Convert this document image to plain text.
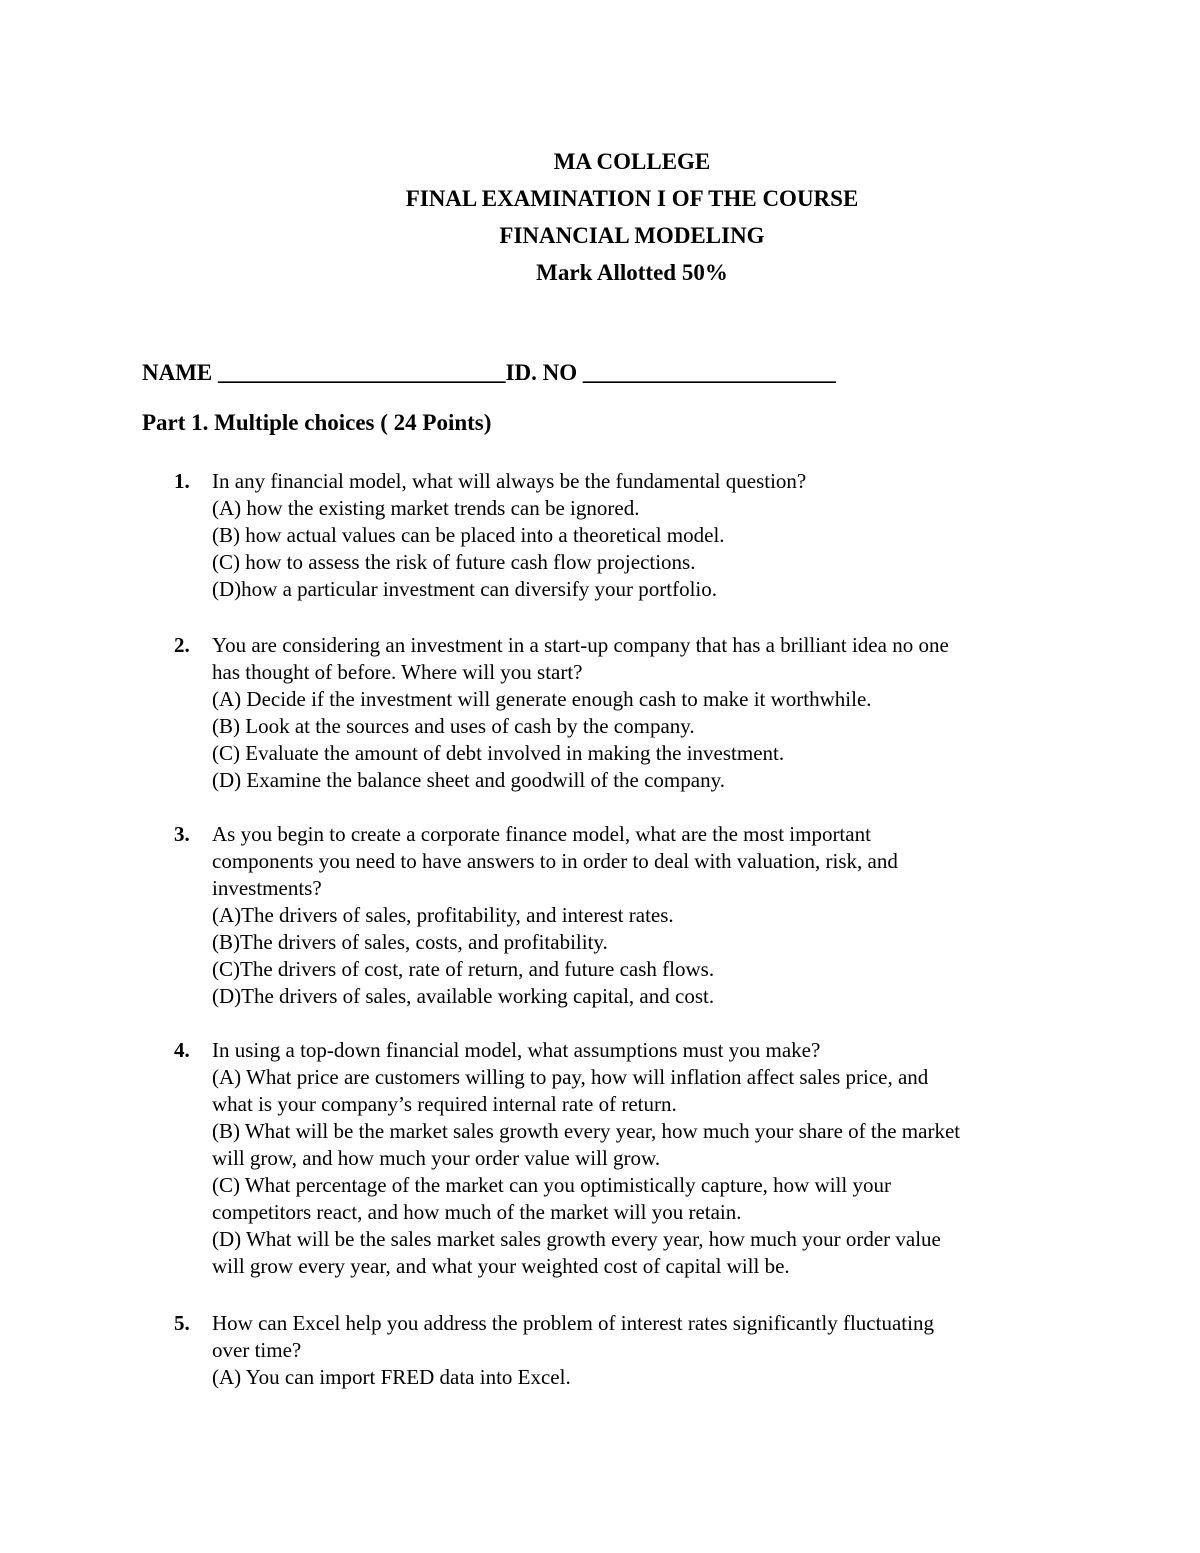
MA COLLEGE
FINAL EXAMINATION I OF THE COURSE
FINANCIAL MODELING
Mark Allotted 50%
NAME _________________________ID. NO ______________________
Part 1. Multiple choices ( 24 Points)
1. In any financial model, what will always be the fundamental question?
(A) how the existing market trends can be ignored.
(B) how actual values can be placed into a theoretical model.
(C) how to assess the risk of future cash flow projections.
(D)how a particular investment can diversify your portfolio.
2. You are considering an investment in a start-up company that has a brilliant idea no one
has thought of before. Where will you start?
(A) Decide if the investment will generate enough cash to make it worthwhile.
(B) Look at the sources and uses of cash by the company.
(C) Evaluate the amount of debt involved in making the investment.
(D) Examine the balance sheet and goodwill of the company.
3. As you begin to create a corporate finance model, what are the most important
components you need to have answers to in order to deal with valuation, risk, and
investments?
(A)The drivers of sales, profitability, and interest rates.
(B)The drivers of sales, costs, and profitability.
(C)The drivers of cost, rate of return, and future cash flows.
(D)The drivers of sales, available working capital, and cost.
4. In using a top-down financial model, what assumptions must you make?
(A) What price are customers willing to pay, how will inflation affect sales price, and
what is your company’s required internal rate of return.
(B) What will be the market sales growth every year, how much your share of the market
will grow, and how much your order value will grow.
(C) What percentage of the market can you optimistically capture, how will your
competitors react, and how much of the market will you retain.
(D) What will be the sales market sales growth every year, how much your order value
will grow every year, and what your weighted cost of capital will be.
5. How can Excel help you address the problem of interest rates significantly fluctuating
over time?
(A) You can import FRED data into Excel.
